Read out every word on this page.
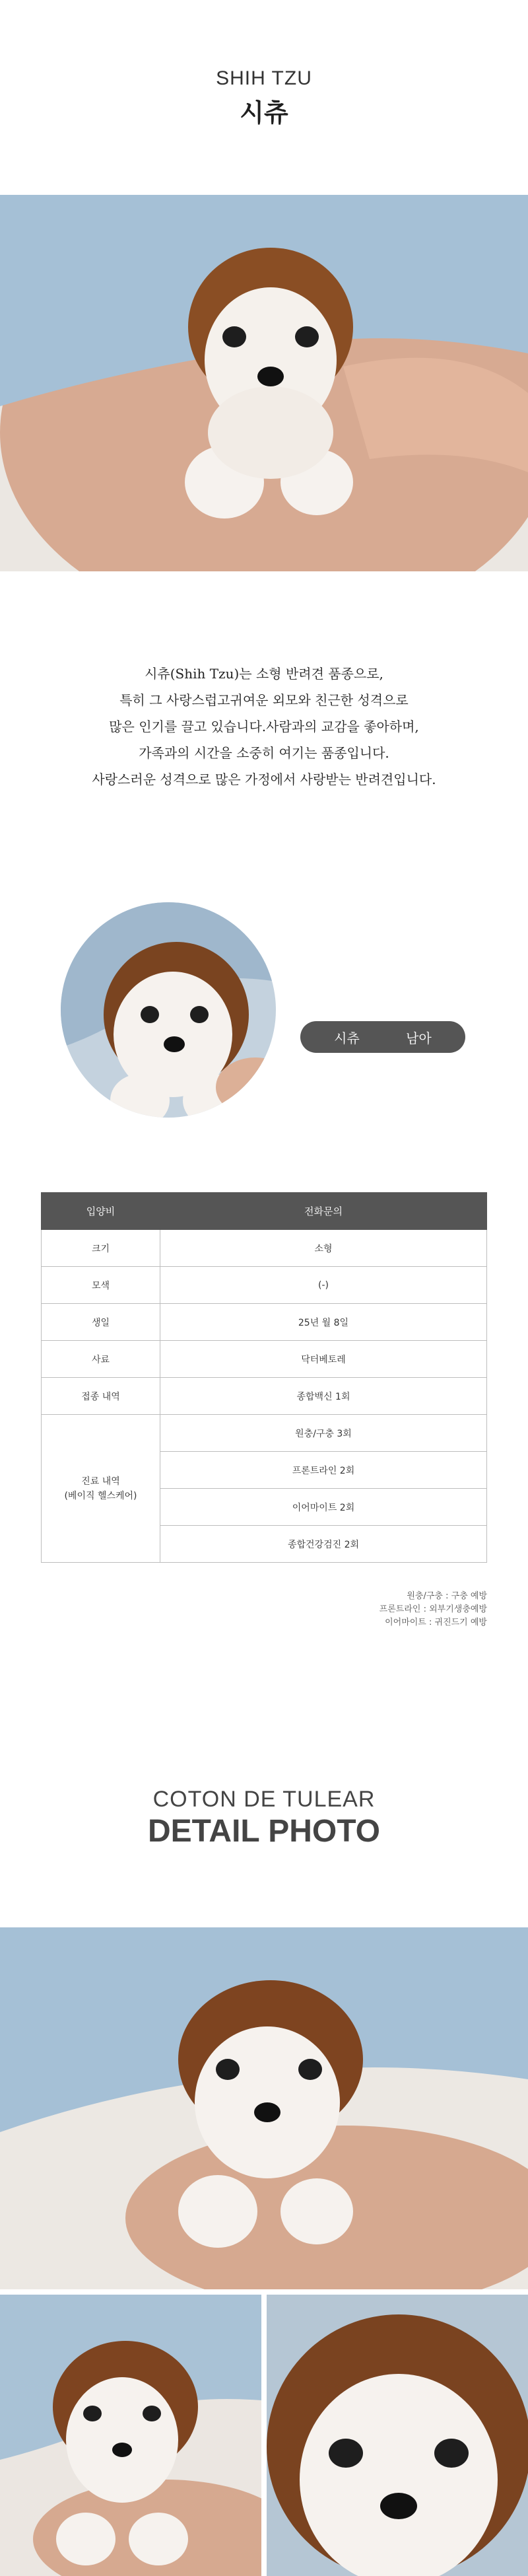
SHIH TZU
시츄

시츄(Shih Tzu)는 소형 반려견 품종으로,

특히 그 사랑스럽고귀여운 외모와 친근한 성격으로

많은 인기를 끌고 있습니다.사람과의 교감을 좋아하며,

가족과의 시간을 소중히 여기는 품종입니다.

사랑스러운 성격으로 많은 가정에서 사랑받는 반려견입니다.

시츄	남아
입양비	전화문의
크기	소형
모색	(-)
생일	25년 월 8일
사료	닥터베토레
접종 내역	종합백신 1회
진료 내역
(베이직 헬스케어)	원충/구충 3회
	프론트라인 2회
	이어마이트 2회
	종합건강검진 2회

원충/구충 : 구충 예방

프론트라인 : 외부기생충예방

이어마이트 : 귀진드기 예방

COTON DE TULEAR
DETAIL PHOTO
